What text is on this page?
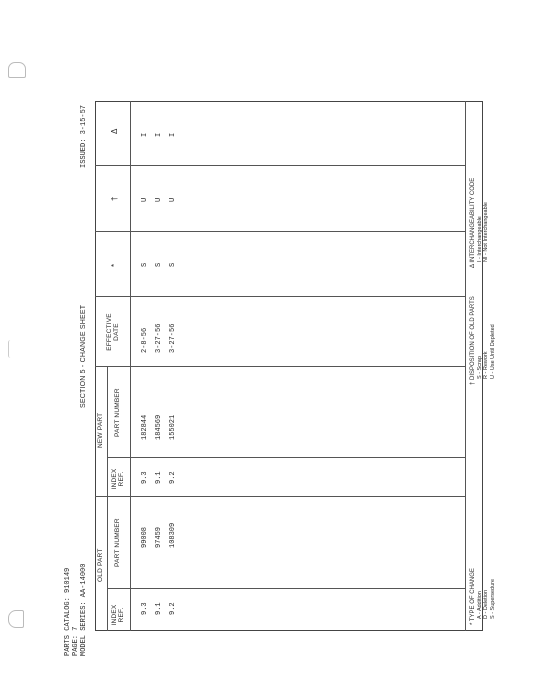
PARTS CATALOG: 910149 PAGE: 7 MODEL SERIES: AA-14000
SECTION 5 - CHANGE SHEET
ISSUED: 3-15-57
OLD PART
NEW PART
INDEX REF.
PART NUMBER
INDEX REF.
PART NUMBER
EFFECTIVE DATE
*
†
Δ
9.3
99008
9.3
182844
2-8-56
S
U
I
9.1
97459
9.1
184569
3-27-56
S
U
I
9.2
108309
9.2
155021
3-27-56
S
U
I
* TYPE OF CHANGE A - Addition D - Deletion S - Supersedure
† DISPOSITION OF OLD PARTS S - Scrap R - Rework U - Use Until Depleted
Δ INTERCHANGEABILITY CODE I - Interchangeable NI - Not Interchangeable
